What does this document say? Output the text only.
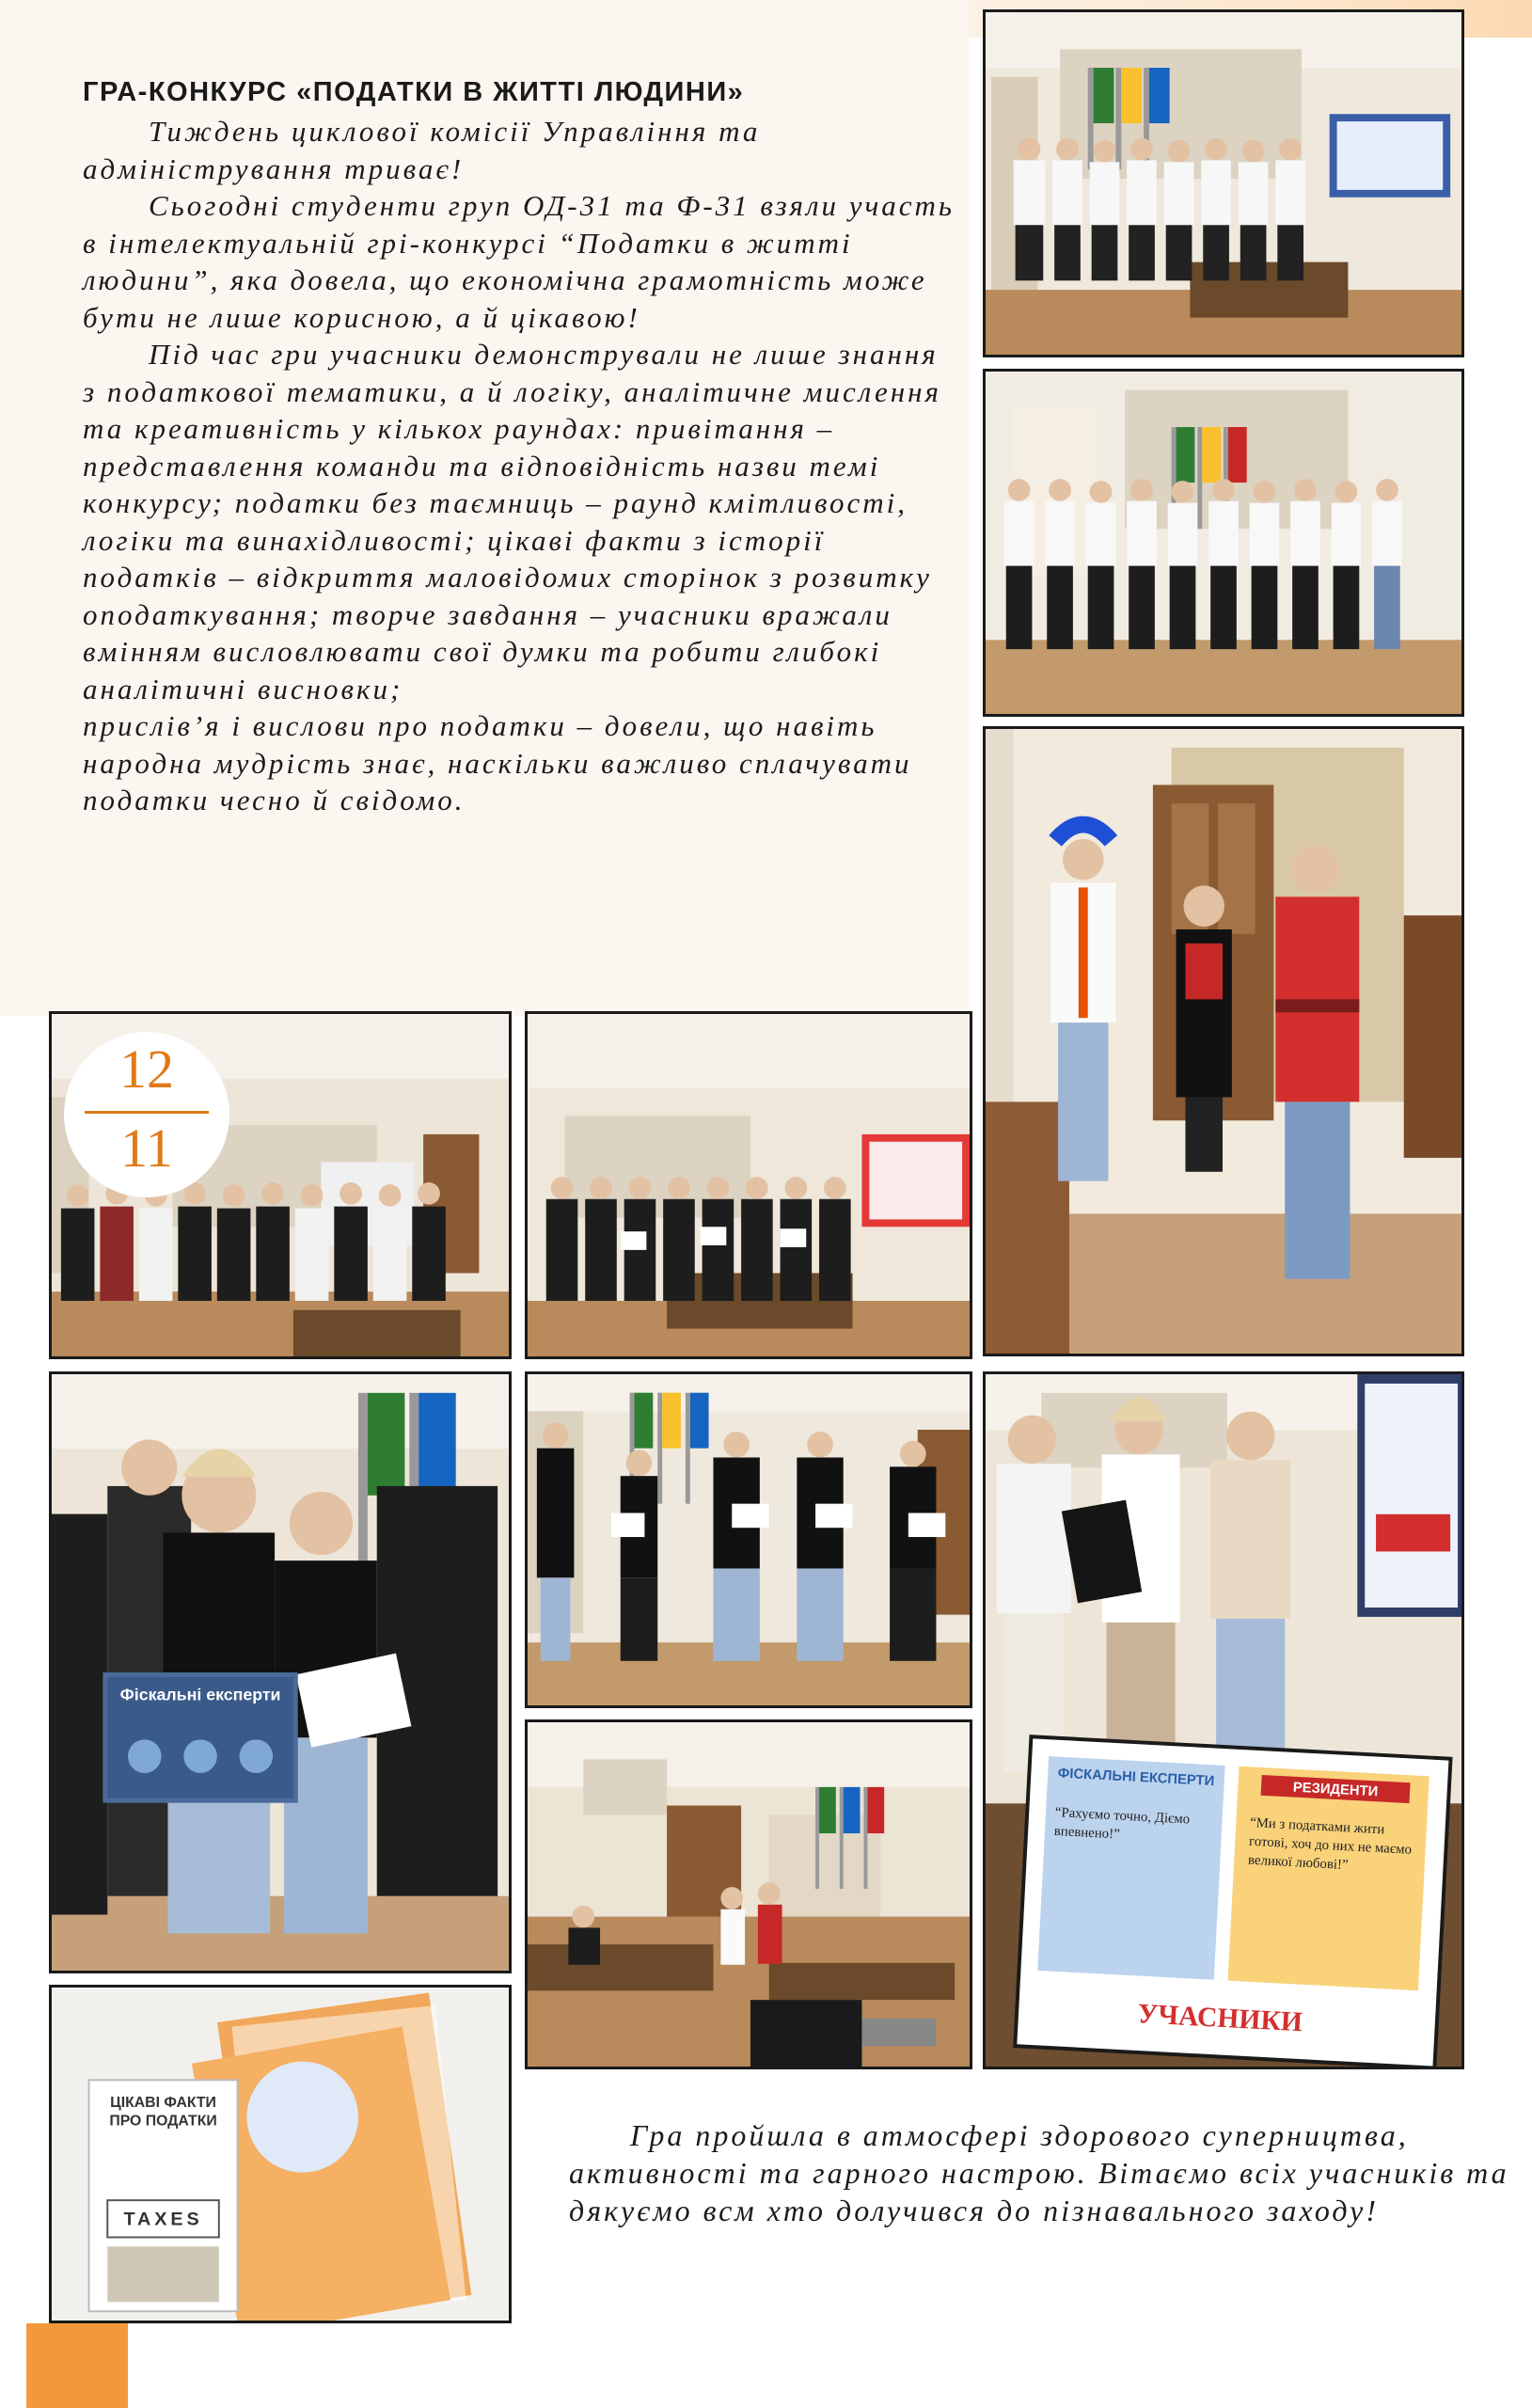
ГРА-КОНКУРС «ПОДАТКИ В ЖИТТІ ЛЮДИНИ»

Тиждень циклової комісії Управління та адміністрування триває!

Сьогодні студенти груп ОД-31 та Ф-31 взяли участь в інтелектуальній грі-конкурсі “Податки в житті людини”, яка довела, що економічна грамотність може бути не лише корисною, а й цікавою!

Під час гри учасники демонстрували не лише знання з податкової тематики, а й логіку, аналітичне мислення та креативність у кількох раундах: привітання – представлення команди та відповідність назви темі конкурсу; податки без таємниць – раунд кмітливості, логіки та винахідливості; цікаві факти з історії податків – відкриття маловідомих сторінок з розвитку оподаткування; творче завдання – учасники вражали вмінням висловлювати свої думки та робити глибокі аналітичні висновки;

прислів’я і вислови про податки – довели, що навіть народна мудрість знає, наскільки важливо сплачувати податки чесно й свідомо.

12
11
Фіскальні експерти
ФІСКАЛЬНІ ЕКСПЕРТИ
РЕЗИДЕНТИ
“Рахуємо точно, Діємо впевнено!”	“Ми з податками жити готові, хоч до них не маємо великої любові!”
УЧАСНИКИ
ЦІКАВІ ФАКТИ ПРО ПОДАТКИ
TAXES

Гра пройшла в атмосфері здорового суперництва, активності та гарного настрою. Вітаємо всіх учасників та дякуємо всм хто долучився до пізнавального заходу!
